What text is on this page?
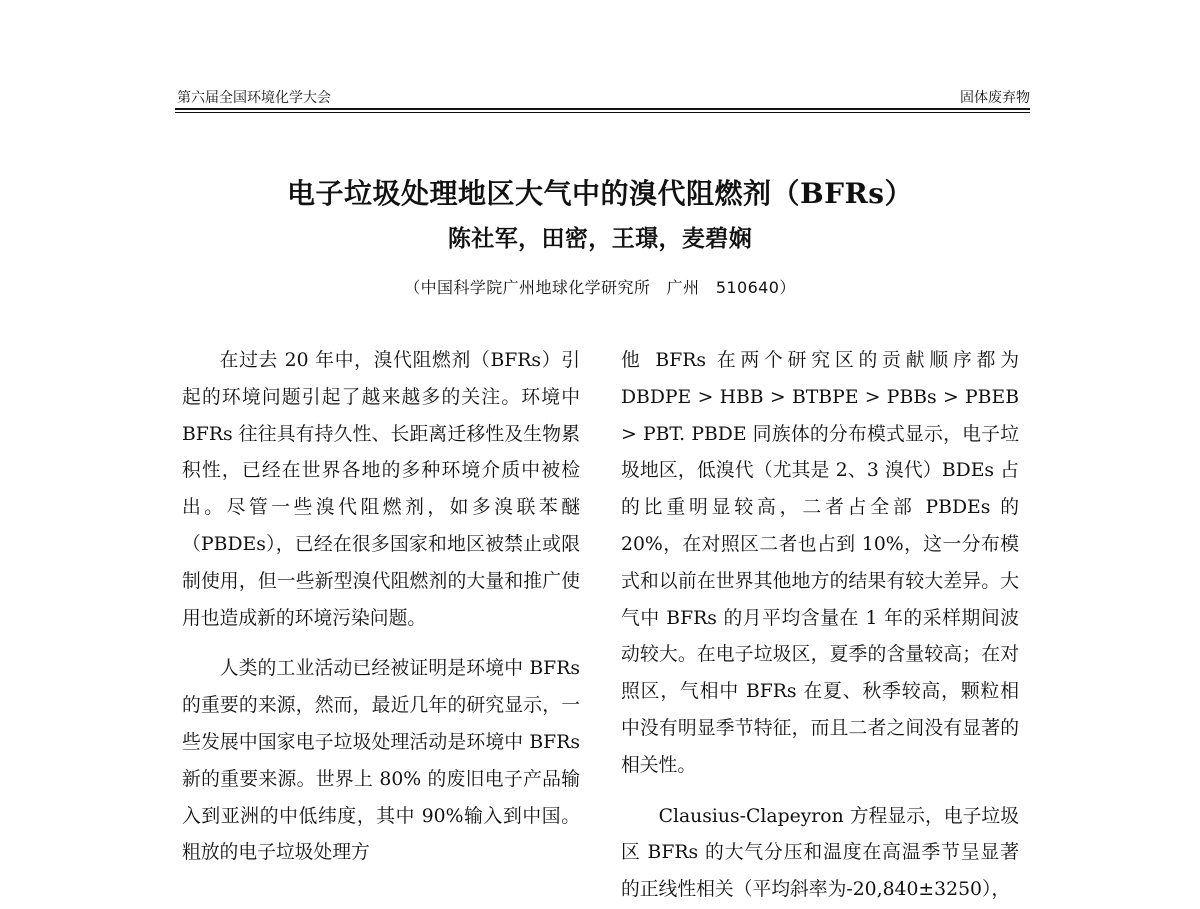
第六届全国环境化学大会	固体废弃物
电子垃圾处理地区大气中的溴代阻燃剂（BFRs）
陈社军，田密，王璟，麦碧娴
（中国科学院广州地球化学研究所　广州　510640）

在过去 20 年中，溴代阻燃剂（BFRs）引起的环境问题引起了越来越多的关注。环境中 BFRs 往往具有持久性、长距离迁移性及生物累积性，已经在世界各地的多种环境介质中被检出。尽管一些溴代阻燃剂，如多溴联苯醚（PBDEs），已经在很多国家和地区被禁止或限制使用，但一些新型溴代阻燃剂的大量和推广使用也造成新的环境污染问题。

人类的工业活动已经被证明是环境中 BFRs 的重要的来源，然而，最近几年的研究显示，一些发展中国家电子垃圾处理活动是环境中 BFRs 新的重要来源。世界上 80% 的废旧电子产品输入到亚洲的中低纬度，其中 90%输入到中国。粗放的电子垃圾处理方

他 BFRs 在两个研究区的贡献顺序都为 DBDPE > HBB > BTBPE > PBBs > PBEB > PBT. PBDE 同族体的分布模式显示，电子垃圾地区，低溴代（尤其是 2、3 溴代）BDEs 占的比重明显较高，二者占全部 PBDEs 的 20%，在对照区二者也占到 10%，这一分布模式和以前在世界其他地方的结果有较大差异。大气中 BFRs 的月平均含量在 1 年的采样期间波动较大。在电子垃圾区，夏季的含量较高；在对照区，气相中 BFRs 在夏、秋季较高，颗粒相中没有明显季节特征，而且二者之间没有显著的相关性。

Clausius-Clapeyron 方程显示，电子垃圾区 BFRs 的大气分压和温度在高温季节呈显著的正线性相关（平均斜率为-20,840±3250），
